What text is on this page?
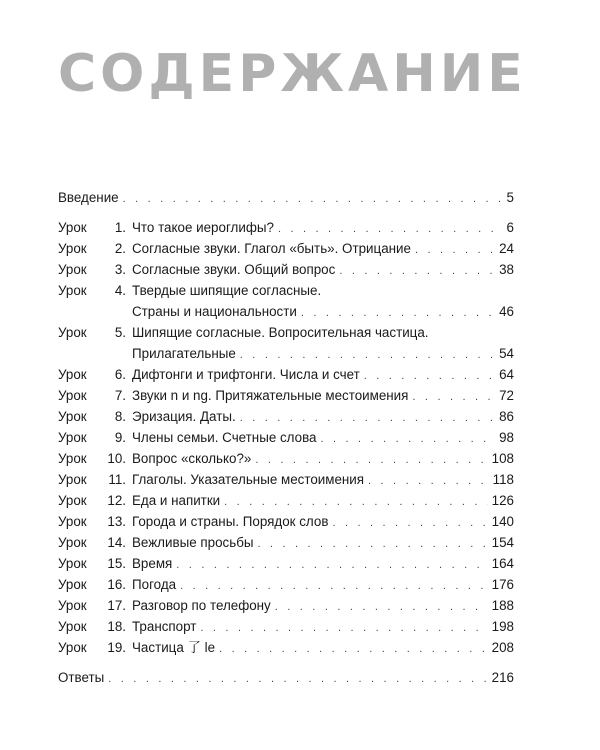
СОДЕРЖАНИЕ
Введение . . .	5
Урок	1. Что такое иероглифы? . . .	6
Урок	2. Согласные звуки. Глагол «быть». Отрицание . . .	24
Урок	3. Согласные звуки. Общий вопрос . . .	38
Урок	4. Твердые шипящие согласные.
Страны и национальности . . .	46
Урок	5. Шипящие согласные. Вопросительная частица.
Прилагательные . . .	54
Урок	6. Дифтонги и трифтонги. Числа и счет . . .	64
Урок	7. Звуки n и ng. Притяжательные местоимения . . .	72
Урок	8. Эризация. Даты. . . .	86
Урок	9. Члены семьи. Счетные слова . . .	98
Урок	10. Вопрос «сколько?» . . .	108
Урок	11. Глаголы. Указательные местоимения . . .	118
Урок	12. Еда и напитки . . .	126
Урок	13. Города и страны. Порядок слов . . .	140
Урок	14. Вежливые просьбы . . .	154
Урок	15. Время . . .	164
Урок	16. Погода . . .	176
Урок	17. Разговор по телефону . . .	188
Урок	18. Транспорт . . .	198
Урок	19. Частица 了 le . . .	208
Ответы . . .	216
